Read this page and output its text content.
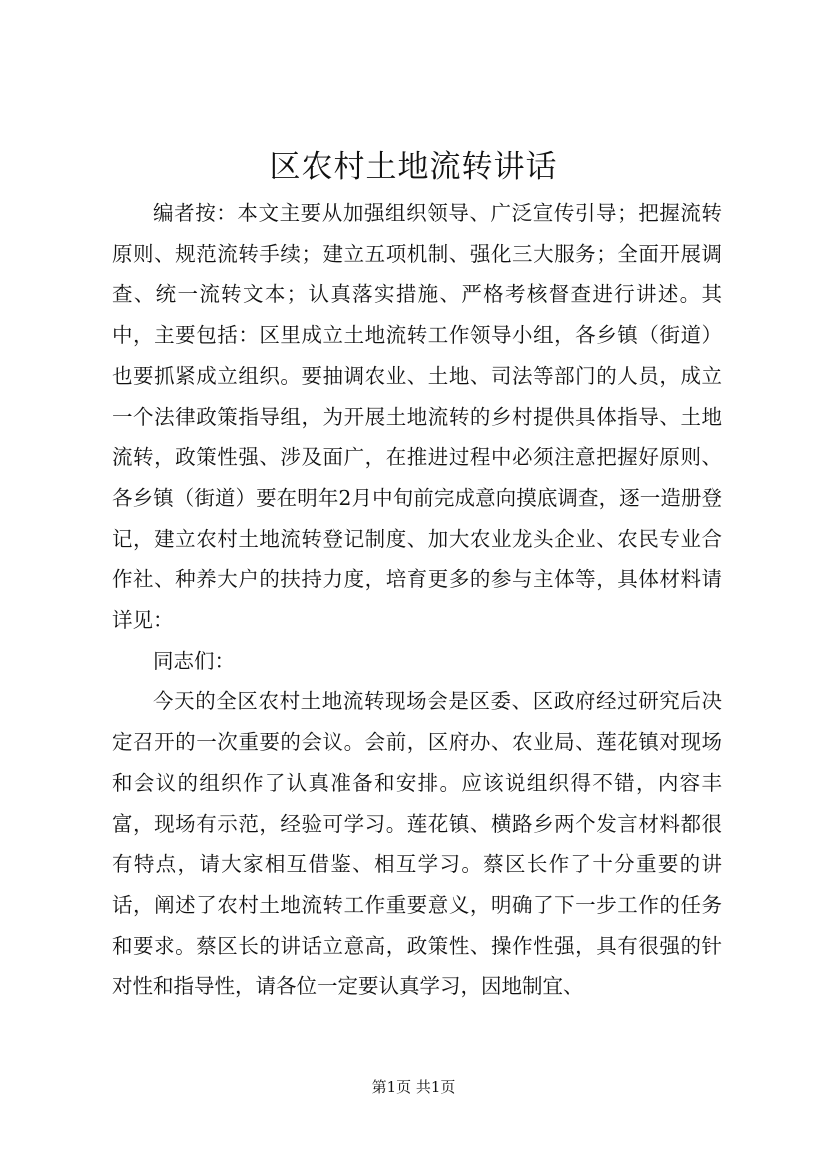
区农村土地流转讲话

编者按：本文主要从加强组织领导、广泛宣传引导；把握流转原则、规范流转手续；建立五项机制、强化三大服务；全面开展调查、统一流转文本；认真落实措施、严格考核督查进行讲述。其中，主要包括：区里成立土地流转工作领导小组，各乡镇（街道）也要抓紧成立组织。要抽调农业、土地、司法等部门的人员，成立一个法律政策指导组，为开展土地流转的乡村提供具体指导、土地流转，政策性强、涉及面广，在推进过程中必须注意把握好原则、各乡镇（街道）要在明年2月中旬前完成意向摸底调查，逐一造册登记，建立农村土地流转登记制度、加大农业龙头企业、农民专业合作社、种养大户的扶持力度，培育更多的参与主体等，具体材料请详见：

同志们：

今天的全区农村土地流转现场会是区委、区政府经过研究后决定召开的一次重要的会议。会前，区府办、农业局、莲花镇对现场和会议的组织作了认真准备和安排。应该说组织得不错，内容丰富，现场有示范，经验可学习。莲花镇、横路乡两个发言材料都很有特点，请大家相互借鉴、相互学习。蔡区长作了十分重要的讲话，阐述了农村土地流转工作重要意义，明确了下一步工作的任务和要求。蔡区长的讲话立意高，政策性、操作性强，具有很强的针对性和指导性，请各位一定要认真学习，因地制宜、

第1页 共1页
